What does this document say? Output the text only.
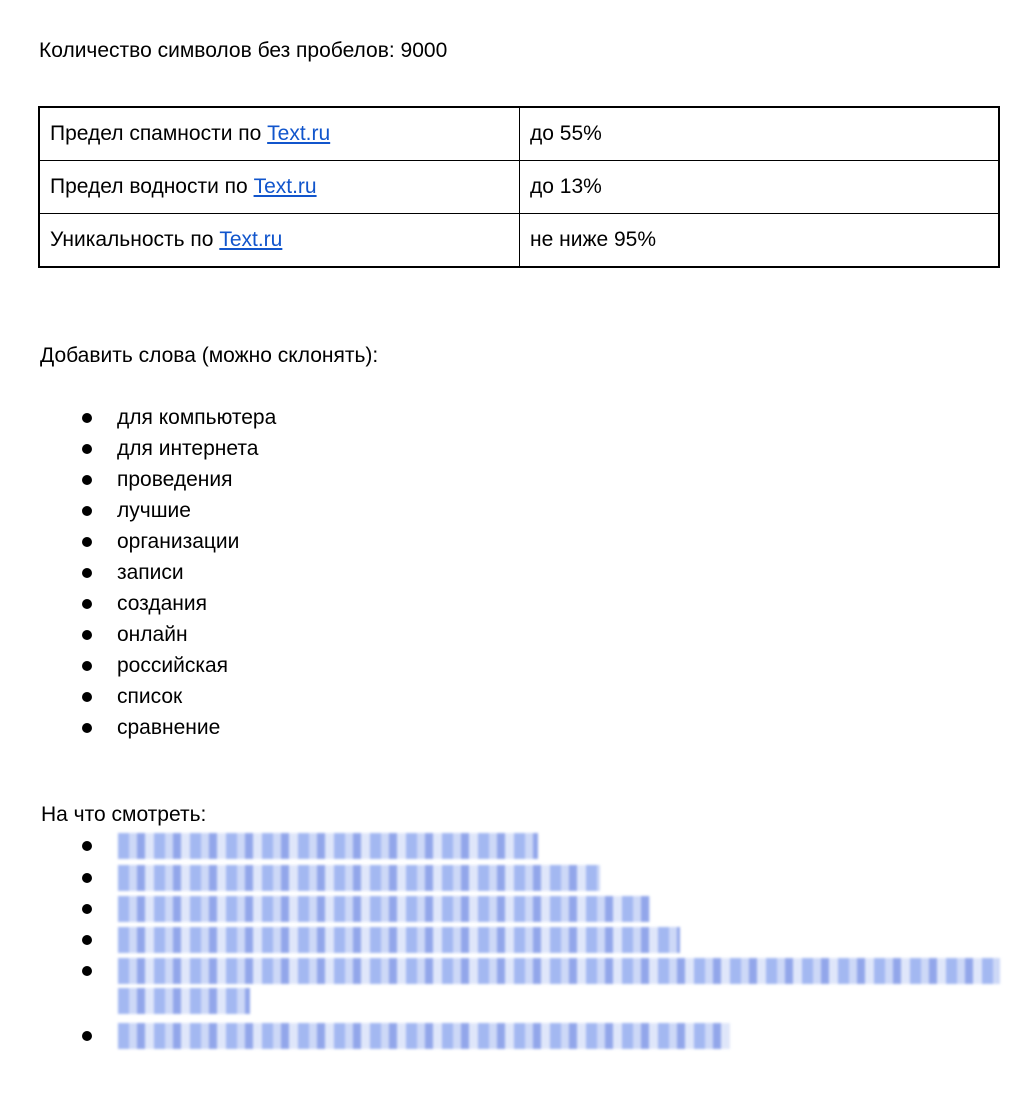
Количество символов без пробелов: 9000
Предел спамности по Text.ru	до 55%
Предел водности по Text.ru	до 13%
Уникальность по Text.ru	не ниже 95%
Добавить слова (можно склонять):
для компьютера
для интернета
проведения
лучшие
организации
записи
создания
онлайн
российская
список
сравнение
На что смотреть:
